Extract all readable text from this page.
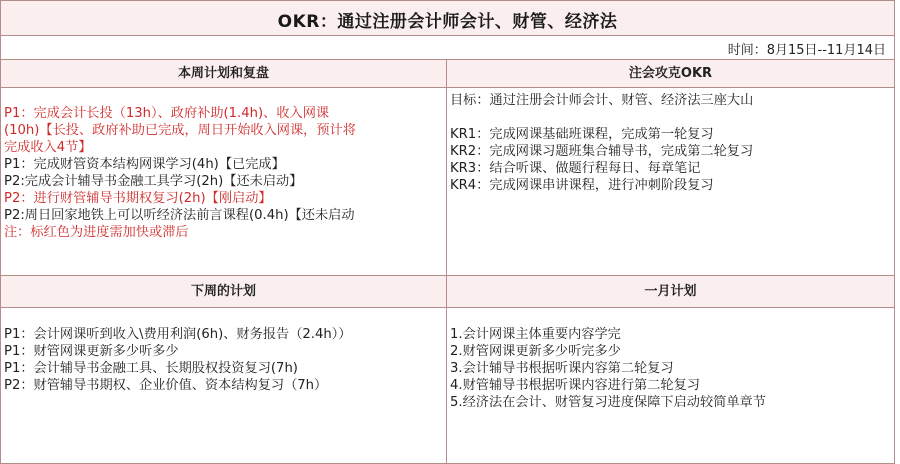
OKR：通过注册会计师会计、财管、经济法
时间：8月15日--11月14日
本周计划和复盘	注会攻克OKR
P1：完成会计长投（13h）、政府补助(1.4h)、收入网课
(10h)【长投、政府补助已完成，周日开始收入网课，预计将
完成收入4节】
P1：完成财管资本结构网课学习(4h)【已完成】
P2:完成会计辅导书金融工具学习(2h)【还未启动】
P2：进行财管辅导书期权复习(2h)【刚启动】
P2:周日回家地铁上可以听经济法前言课程(0.4h)【还未启动
注：标红色为进度需加快或滞后
目标：通过注册会计师会计、财管、经济法三座大山
KR1：完成网课基础班课程，完成第一轮复习
KR2：完成网课习题班集合辅导书，完成第二轮复习
KR3：结合听课、做题行程每日、每章笔记
KR4：完成网课串讲课程，进行冲刺阶段复习
下周的计划	一月计划
P1：会计网课听到收入\费用利润(6h)、财务报告（2.4h））
P1：财管网课更新多少听多少
P1：会计辅导书金融工具、长期股权投资复习(7h)
P2：财管辅导书期权、企业价值、资本结构复习（7h）
1.会计网课主体重要内容学完
2.财管网课更新多少听完多少
3.会计辅导书根据听课内容第二轮复习
4.财管辅导书根据听课内容进行第二轮复习
5.经济法在会计、财管复习进度保障下启动较简单章节
